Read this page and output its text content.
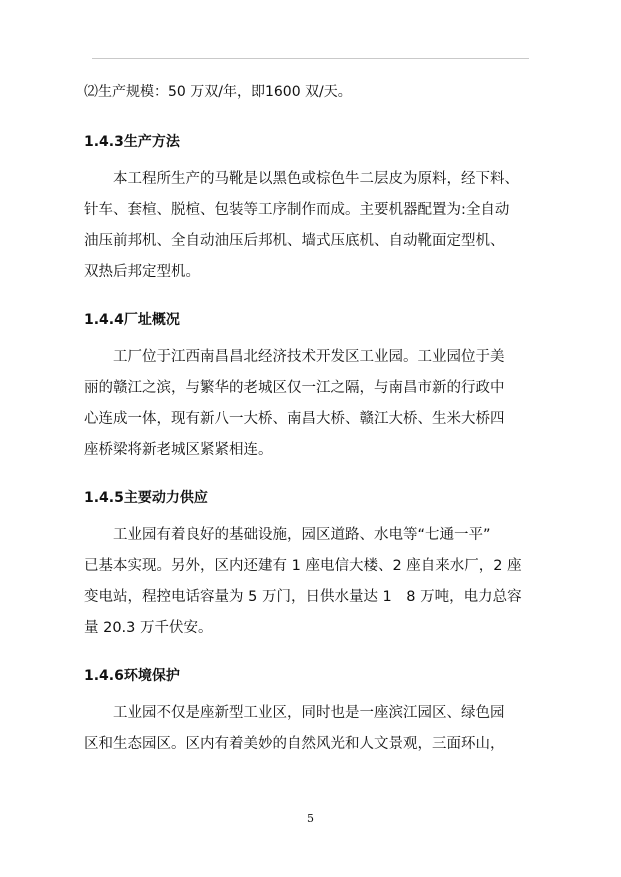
⑵生产规模：50 万双/年，即1600 双/天。
1.4.3生产方法

　　本工程所生产的马靴是以黑色或棕色牛二层皮为原料，经下料、

针车、套楦、脱楦、包装等工序制作而成。主要机器配置为:全自动

油压前邦机、全自动油压后邦机、墙式压底机、自动靴面定型机、

双热后邦定型机。

1.4.4厂址概况

　　工厂位于江西南昌昌北经济技术开发区工业园。工业园位于美

丽的赣江之滨，与繁华的老城区仅一江之隔，与南昌市新的行政中

心连成一体，现有新八一大桥、南昌大桥、赣江大桥、生米大桥四

座桥梁将新老城区紧紧相连。

1.4.5主要动力供应

　　工业园有着良好的基础设施，园区道路、水电等“七通一平”

已基本实现。另外，区内还建有 1 座电信大楼、2 座自来水厂，2 座

变电站，程控电话容量为 5 万门，日供水量达 1　8 万吨，电力总容

量 20.3 万千伏安。

1.4.6环境保护

　　工业园不仅是座新型工业区，同时也是一座滨江园区、绿色园

区和生态园区。区内有着美妙的自然风光和人文景观，三面环山，

5
